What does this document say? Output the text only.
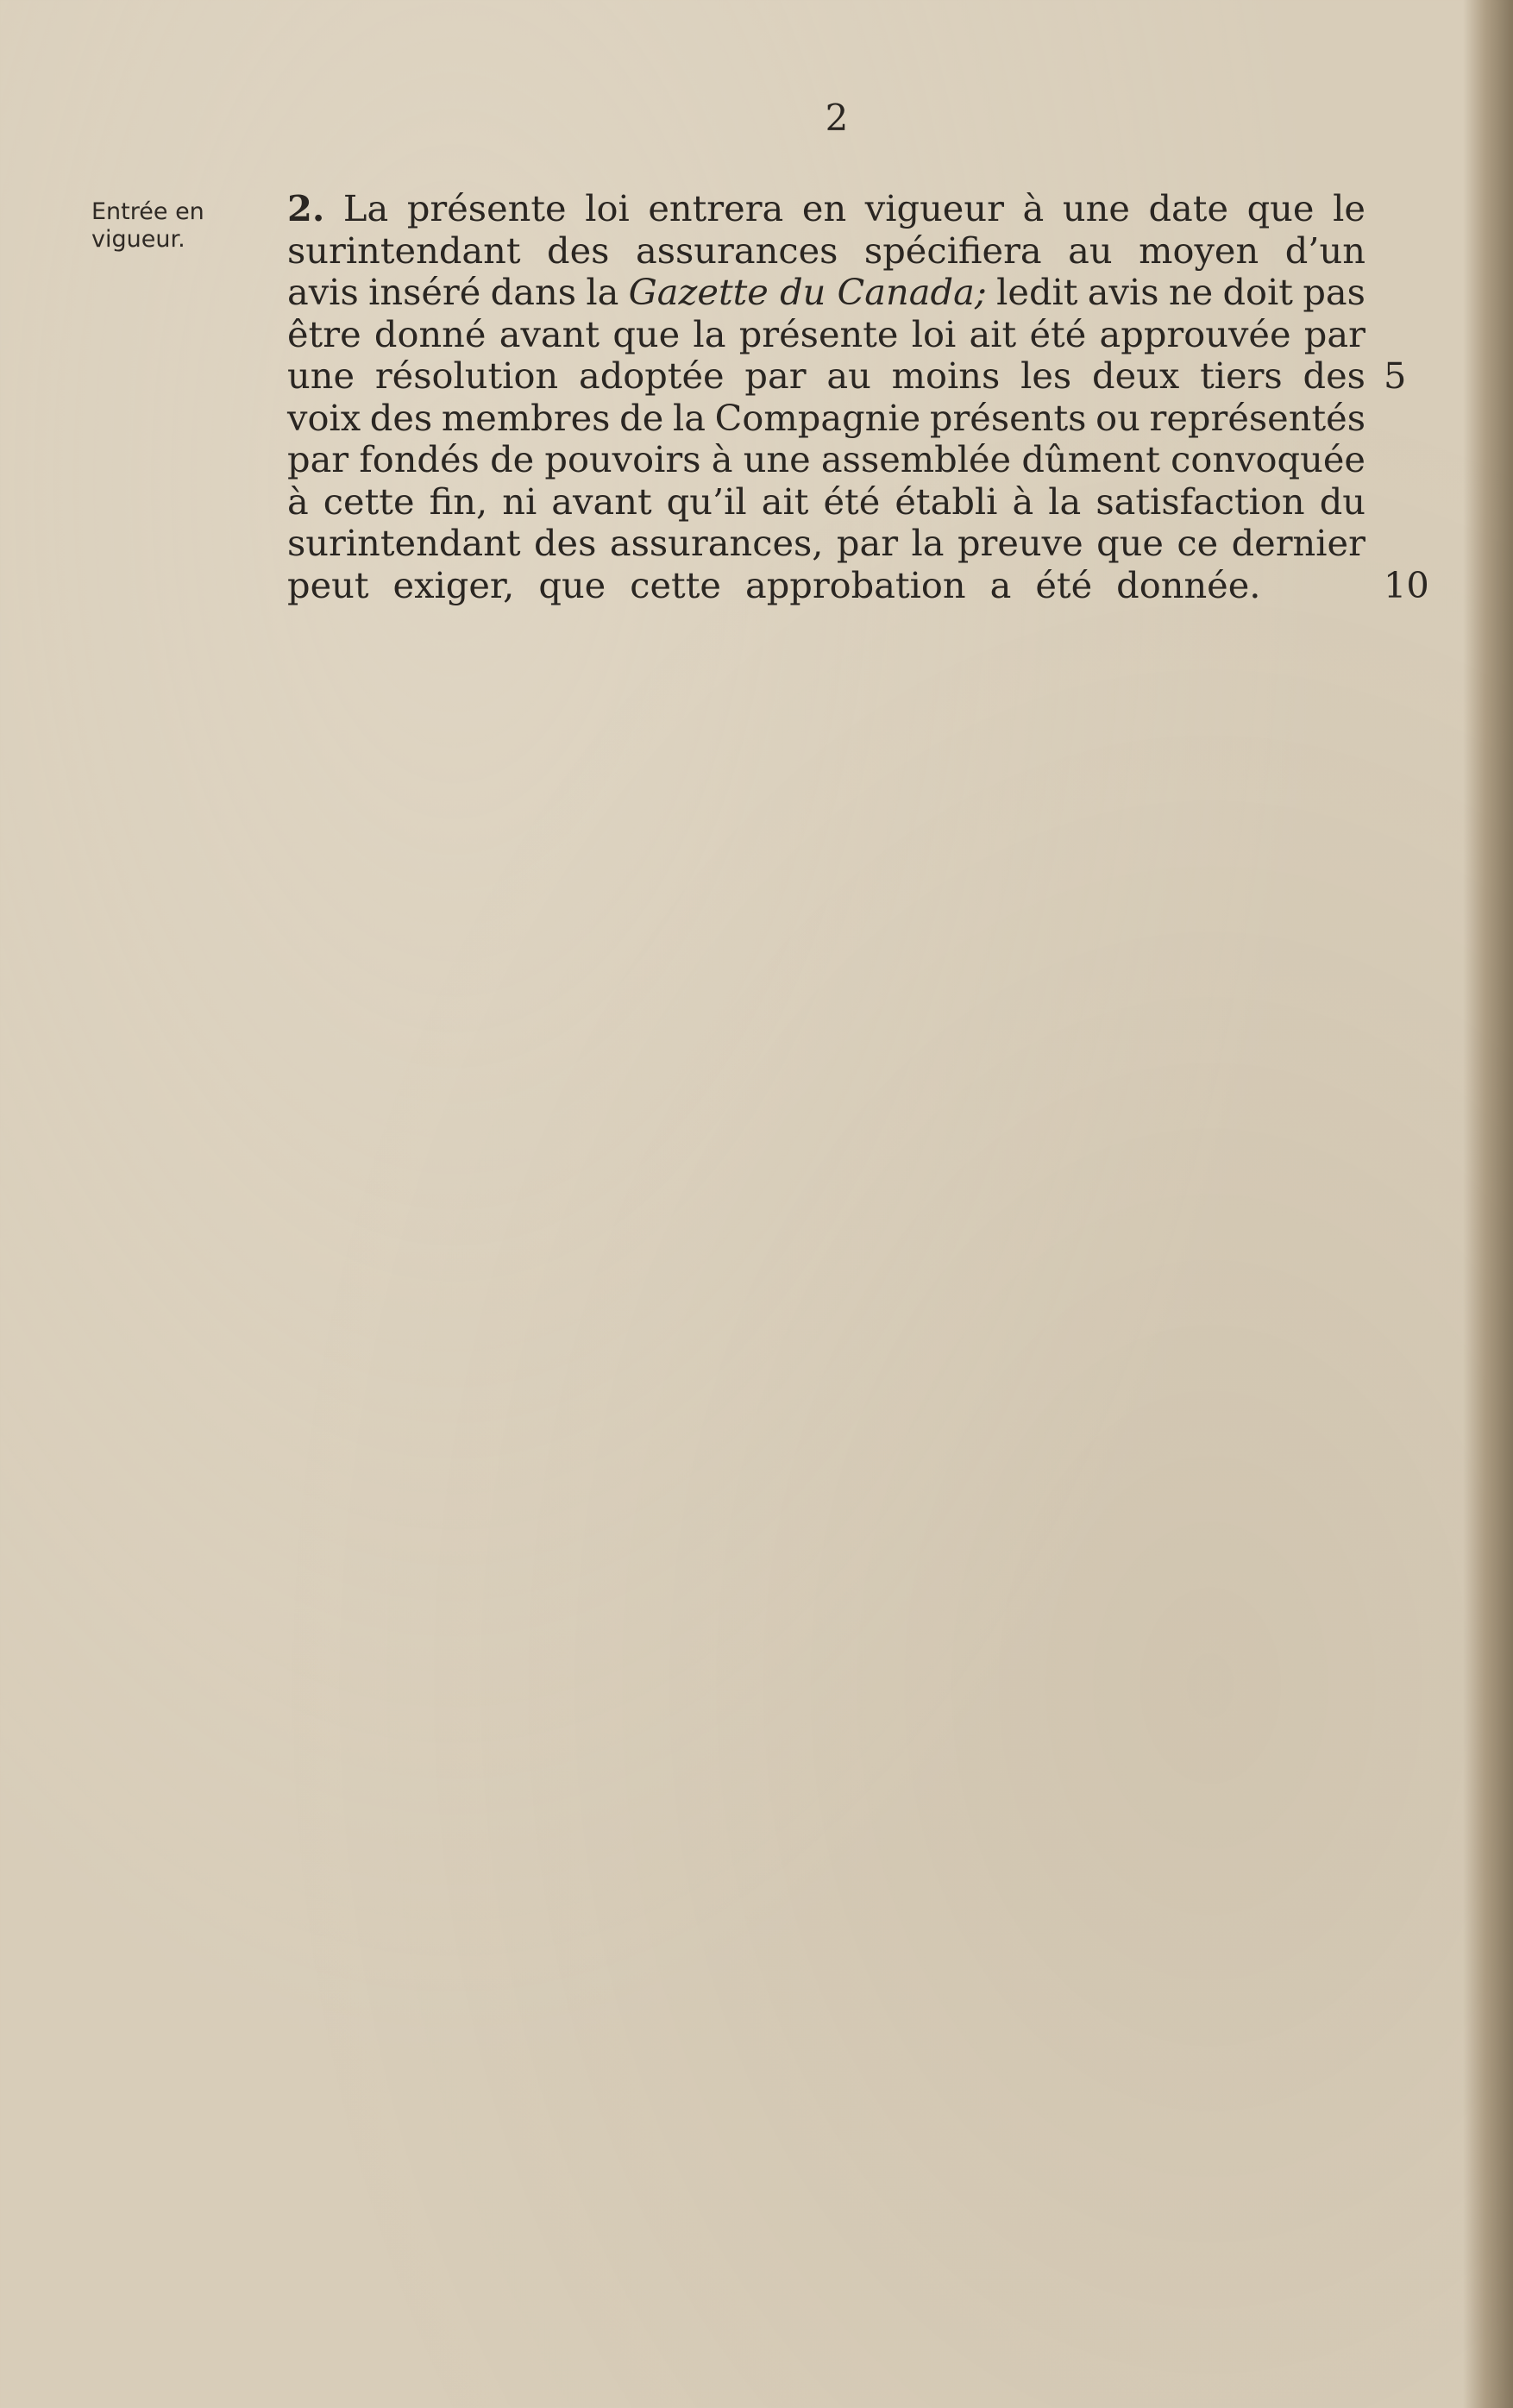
2
Entrée en
vigueur.
2. La présente loi entrera en vigueur à une date que le
surintendant des assurances spécifiera au moyen d’un
avis inséré dans la Gazette du Canada; ledit avis ne doit pas
être donné avant que la présente loi ait été approuvée par
une résolution adoptée par au moins les deux tiers des
voix des membres de la Compagnie présents ou représentés
par fondés de pouvoirs à une assemblée dûment convoquée
à cette fin, ni avant qu’il ait été établi à la satisfaction du
surintendant des assurances, par la preuve que ce dernier
peut exiger, que cette approbation a été donnée.
5
10
